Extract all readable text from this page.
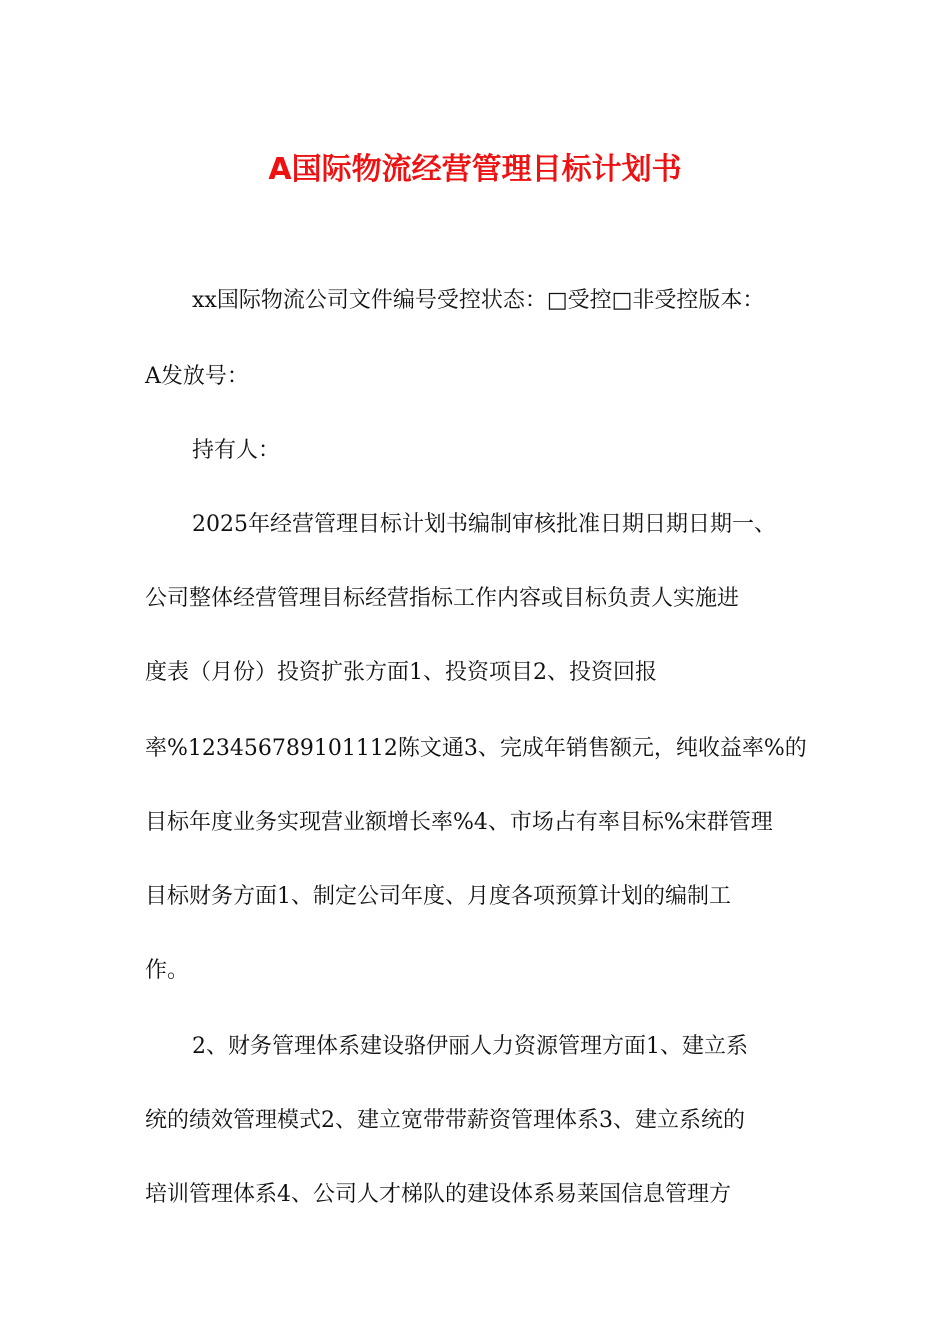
A国际物流经营管理目标计划书
xx国际物流公司文件编号受控状态：□受控□非受控版本：
A发放号：
持有人：
2025年经营管理目标计划书编制审核批准日期日期日期一、
公司整体经营管理目标经营指标工作内容或目标负责人实施进
度表（月份）投资扩张方面1、投资项目2、投资回报
率%123456789101112陈文通3、完成年销售额元，纯收益率%的
目标年度业务实现营业额增长率%4、市场占有率目标%宋群管理
目标财务方面1、制定公司年度、月度各项预算计划的编制工
作。
2、财务管理体系建设骆伊丽人力资源管理方面1、建立系
统的绩效管理模式2、建立宽带带薪资管理体系3、建立系统的
培训管理体系4、公司人才梯队的建设体系易莱国信息管理方
